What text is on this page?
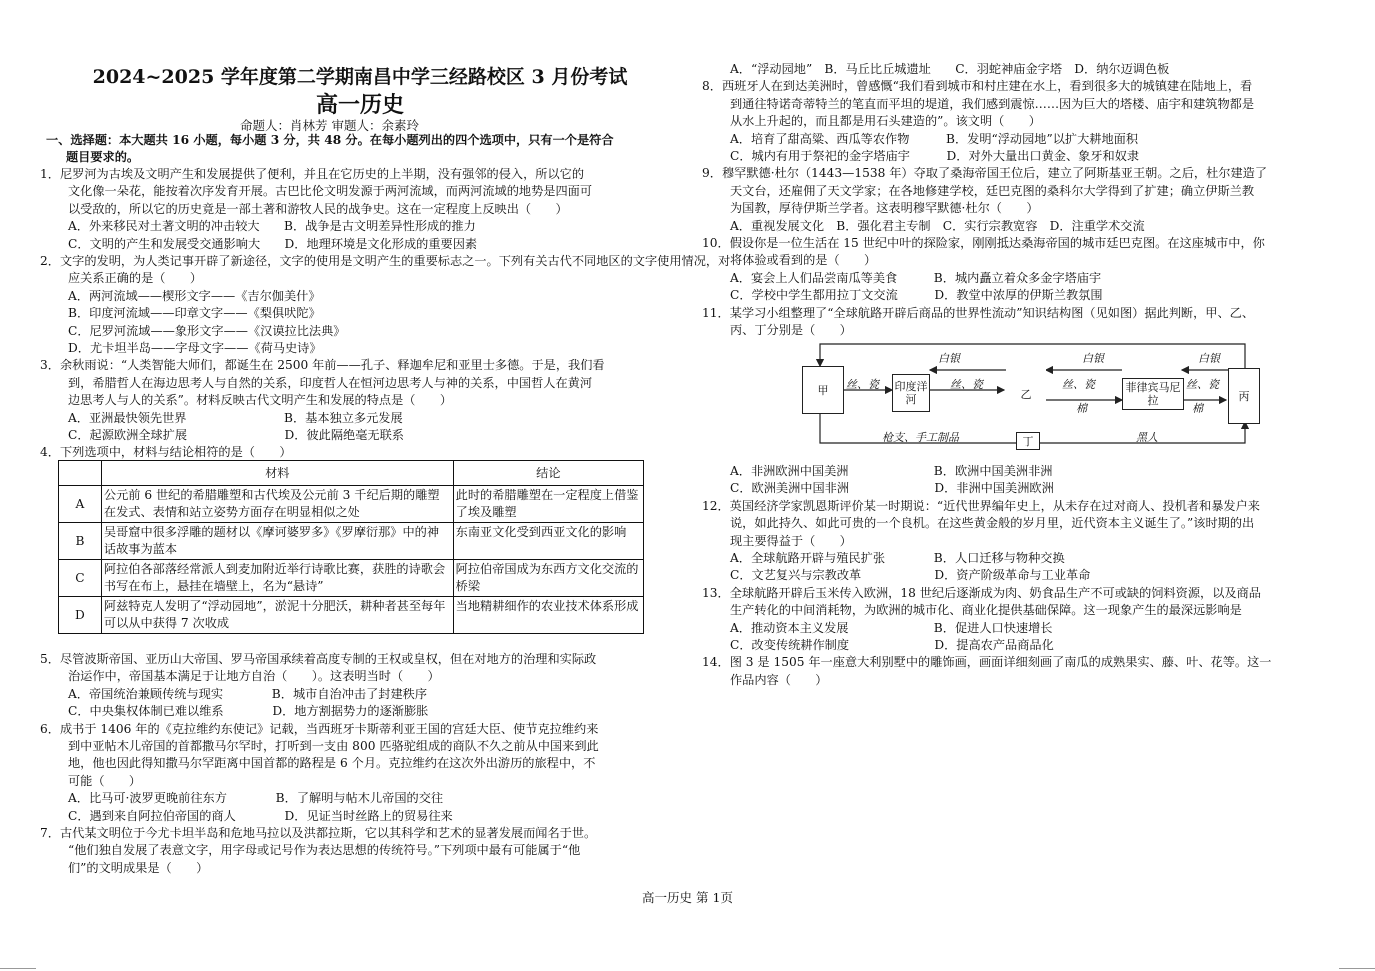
2024~2025 学年度第二学期南昌中学三经路校区 3 月份考试
高一历史
命题人：肖林芳 审题人：余素玲
一、选择题：本大题共 16 小题，每小题 3 分，共 48 分。在每小题列出的四个选项中，只有一个是符合
题目要求的。
1．尼罗河为古埃及文明产生和发展提供了便利，并且在它历史的上半期，没有强邻的侵入，所以它的
文化像一朵花，能按着次序发育开展。古巴比伦文明发源于两河流域，而两河流域的地势是四面可
以受敌的，所以它的历史竟是一部土著和游牧人民的战争史。这在一定程度上反映出（　　）
A．外来移民对土著文明的冲击较大　　B．战争是古文明差异性形成的推力
C．文明的产生和发展受交通影响大　　D．地理环境是文化形成的重要因素
2．文字的发明，为人类记事开辟了新途径，文字的使用是文明产生的重要标志之一。下列有关古代不同地区的文字使用情况，对
应关系正确的是（　　）
A．两河流域——楔形文字——《吉尔伽美什》
B．印度河流域——印章文字——《梨俱吠陀》
C．尼罗河流域——象形文字——《汉谟拉比法典》
D．尤卡坦半岛——字母文字——《荷马史诗》
3．余秋雨说：“人类智能大师们，都诞生在 2500 年前——孔子、释迦牟尼和亚里士多德。于是，我们看
到，希腊哲人在海边思考人与自然的关系，印度哲人在恒河边思考人与神的关系，中国哲人在黄河
边思考人与人的关系”。材料反映古代文明产生和发展的特点是（　　）
A．亚洲最快领先世界　　　　　　　　B．基本独立多元发展
C．起源欧洲全球扩展　　　　　　　　D．彼此隔绝毫无联系
4．下列选项中，材料与结论相符的是（　　）
	材料	结论
A	公元前 6 世纪的希腊雕塑和古代埃及公元前 3 千纪后期的雕塑在发式、表情和站立姿势方面存在明显相似之处	此时的希腊雕塑在一定程度上借鉴了埃及雕塑
B	吴哥窟中很多浮雕的题材以《摩诃婆罗多》《罗摩衍那》中的神话故事为蓝本	东南亚文化受到西亚文化的影响
C	阿拉伯各部落经常派人到麦加附近举行诗歌比赛，获胜的诗歌会书写在布上，悬挂在墙壁上，名为“悬诗”	阿拉伯帝国成为东西方文化交流的桥梁
D	阿兹特克人发明了“浮动园地”，淤泥十分肥沃，耕种者甚至每年可以从中获得 7 次收成	当地精耕细作的农业技术体系形成
5．尽管波斯帝国、亚历山大帝国、罗马帝国承续着高度专制的王权或皇权，但在对地方的治理和实际政
治运作中，帝国基本满足于让地方自治（　　）。这表明当时（　　）
A．帝国统治兼顾传统与现实　　　　B．城市自治冲击了封建秩序
C．中央集权体制已难以维系　　　　D．地方割据势力的逐渐膨胀
6．成书于 1406 年的《克拉维约东使记》记载，当西班牙卡斯蒂利亚王国的宫廷大臣、使节克拉维约来
到中亚帖木儿帝国的首都撒马尔罕时，打听到一支由 800 匹骆驼组成的商队不久之前从中国来到此
地，他也因此得知撒马尔罕距离中国首都的路程是 6 个月。克拉维约在这次外出游历的旅程中，不
可能（　　）
A．比马可·波罗更晚前往东方　　　　B．了解明与帖木儿帝国的交往
C．遇到来自阿拉伯帝国的商人　　　　D．见证当时丝路上的贸易往来
7．古代某文明位于今尤卡坦半岛和危地马拉以及洪都拉斯，它以其科学和艺术的显著发展而闻名于世。
“他们独自发展了表意文字，用字母或记号作为表达思想的传统符号。”下列项中最有可能属于“他
们”的文明成果是（　　）
A．“浮动园地”　B．马丘比丘城遗址　　C．羽蛇神庙金字塔　D．纳尔迈调色板
8．西班牙人在到达美洲时，曾感慨“我们看到城市和村庄建在水上，看到很多大的城镇建在陆地上，看
到通往特诺奇蒂特兰的笔直而平坦的堤道，我们感到震惊……因为巨大的塔楼、庙宇和建筑物都是
从水上升起的，而且都是用石头建造的”。该文明（　　）
A．培育了甜高粱、西瓜等农作物　　　B．发明“浮动园地”以扩大耕地面积
C．城内有用于祭祀的金字塔庙宇　　　D．对外大量出口黄金、象牙和奴隶
9．穆罕默德·杜尔（1443—1538 年）夺取了桑海帝国王位后，建立了阿斯基亚王朝。之后，杜尔建造了
天文台，还雇佣了天文学家；在各地修建学校，廷巴克图的桑科尔大学得到了扩建；确立伊斯兰教
为国教，厚待伊斯兰学者。这表明穆罕默德·杜尔（　　）
A．重视发展文化　B．强化君主专制　C．实行宗教宽容　D．注重学术交流
10．假设你是一位生活在 15 世纪中叶的探险家，刚刚抵达桑海帝国的城市廷巴克图。在这座城市中，你
将体验或看到的是（　　）
A．宴会上人们品尝南瓜等美食　　　B．城内矗立着众多金字塔庙宇
C．学校中学生都用拉丁文交流　　　D．教堂中浓厚的伊斯兰教氛围
11．某学习小组整理了“全球航路开辟后商品的世界性流动”知识结构图（见如图）据此判断，甲、乙、
丙、丁分别是（　　）
甲	印度洋河	乙	菲律宾马尼拉	丙
丁
白银	白银	白银
丝、瓷	丝、瓷	丝、瓷	丝、瓷
棉	棉
枪支、手工制品	黑人
A．非洲欧洲中国美洲　　　　　　　B．欧洲中国美洲非洲
C．欧洲美洲中国非洲　　　　　　　D．非洲中国美洲欧洲
12．英国经济学家凯恩斯评价某一时期说：“近代世界编年史上，从未存在过对商人、投机者和暴发户来
说，如此持久、如此可贵的一个良机。在这些黄金般的岁月里，近代资本主义诞生了。”该时期的出
现主要得益于（　　）
A．全球航路开辟与殖民扩张　　　　B．人口迁移与物种交换
C．文艺复兴与宗教改革　　　　　　D．资产阶级革命与工业革命
13．全球航路开辟后玉米传入欧洲，18 世纪后逐渐成为肉、奶食品生产不可或缺的饲料资源，以及商品
生产转化的中间消耗物，为欧洲的城市化、商业化提供基础保障。这一现象产生的最深远影响是
A．推动资本主义发展　　　　　　　B．促进人口快速增长
C．改变传统耕作制度　　　　　　　D．提高农产品商品化
14．图 3 是 1505 年一座意大利别墅中的雕饰画，画面详细刻画了南瓜的成熟果实、藤、叶、花等。这一
作品内容（　　）
高一历史 第 1页
